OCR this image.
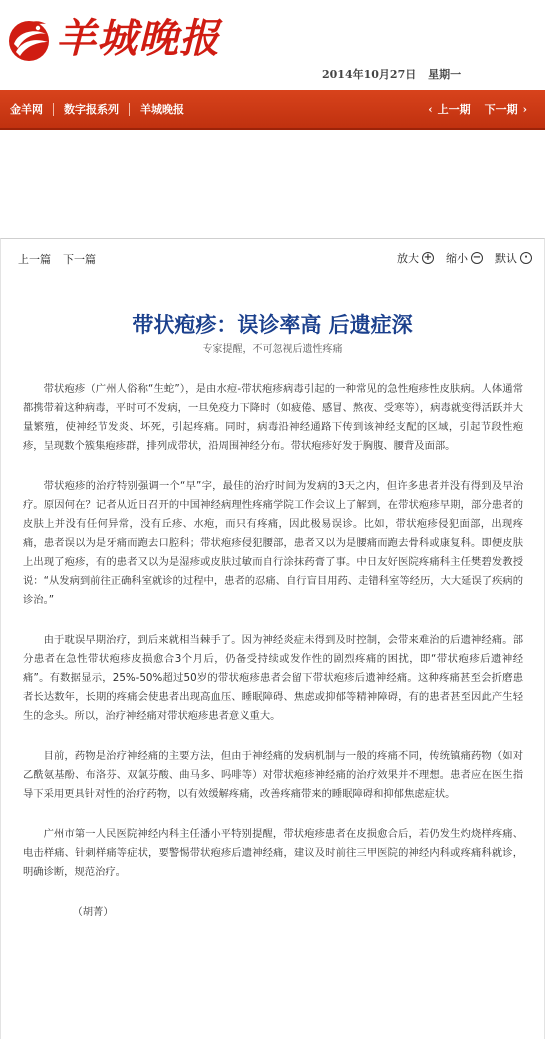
羊城晚报
2014年10月27日 星期一
金羊网	数字报系列	羊城晚报	‹ 上一期 下一期 ›
上一篇 下一篇	放大 + 缩小 − 默认 ·
带状疱疹：误诊率高 后遗症深
专家提醒，不可忽视后遗性疼痛

带状疱疹（广州人俗称“生蛇”），是由水痘-带状疱疹病毒引起的一种常见的急性疱疹性皮肤病。人体通常都携带着这种病毒，平时可不发病，一旦免疫力下降时（如疲倦、感冒、熬夜、受寒等），病毒就变得活跃并大量繁殖，使神经节发炎、坏死，引起疼痛。同时，病毒沿神经通路下传到该神经支配的区域，引起节段性疱疹，呈现数个簇集疱疹群，排列成带状，沿周围神经分布。带状疱疹好发于胸腹、腰背及面部。

带状疱疹的治疗特别强调一个“早”字，最佳的治疗时间为发病的3天之内，但许多患者并没有得到及早治疗。原因何在？记者从近日召开的中国神经病理性疼痛学院工作会议上了解到，在带状疱疹早期，部分患者的皮肤上并没有任何异常，没有丘疹、水疱，而只有疼痛，因此极易误诊。比如，带状疱疹侵犯面部，出现疼痛，患者误以为是牙痛而跑去口腔科；带状疱疹侵犯腰部，患者又以为是腰痛而跑去骨科或康复科。即便皮肤上出现了疱疹，有的患者又以为是湿疹或皮肤过敏而自行涂抹药膏了事。中日友好医院疼痛科主任樊碧发教授说：“从发病到前往正确科室就诊的过程中，患者的忍痛、自行盲目用药、走错科室等经历，大大延误了疾病的诊治。”

由于耽误早期治疗，到后来就相当棘手了。因为神经炎症未得到及时控制，会带来难治的后遗神经痛。部分患者在急性带状疱疹皮损愈合3个月后，仍备受持续或发作性的剧烈疼痛的困扰，即“带状疱疹后遗神经痛”。有数据显示，25%-50%超过50岁的带状疱疹患者会留下带状疱疹后遗神经痛。这种疼痛甚至会折磨患者长达数年，长期的疼痛会使患者出现高血压、睡眠障碍、焦虑或抑郁等精神障碍，有的患者甚至因此产生轻生的念头。所以，治疗神经痛对带状疱疹患者意义重大。

目前，药物是治疗神经痛的主要方法，但由于神经痛的发病机制与一般的疼痛不同，传统镇痛药物（如对乙酰氨基酚、布洛芬、双氯芬酸、曲马多、吗啡等）对带状疱疹神经痛的治疗效果并不理想。患者应在医生指导下采用更具针对性的治疗药物，以有效缓解疼痛，改善疼痛带来的睡眠障碍和抑郁焦虑症状。

广州市第一人民医院神经内科主任潘小平特别提醒，带状疱疹患者在皮损愈合后，若仍发生灼烧样疼痛、电击样痛、针刺样痛等症状，要警惕带状疱疹后遗神经痛，建议及时前往三甲医院的神经内科或疼痛科就诊，明确诊断，规范治疗。

（胡菁）
